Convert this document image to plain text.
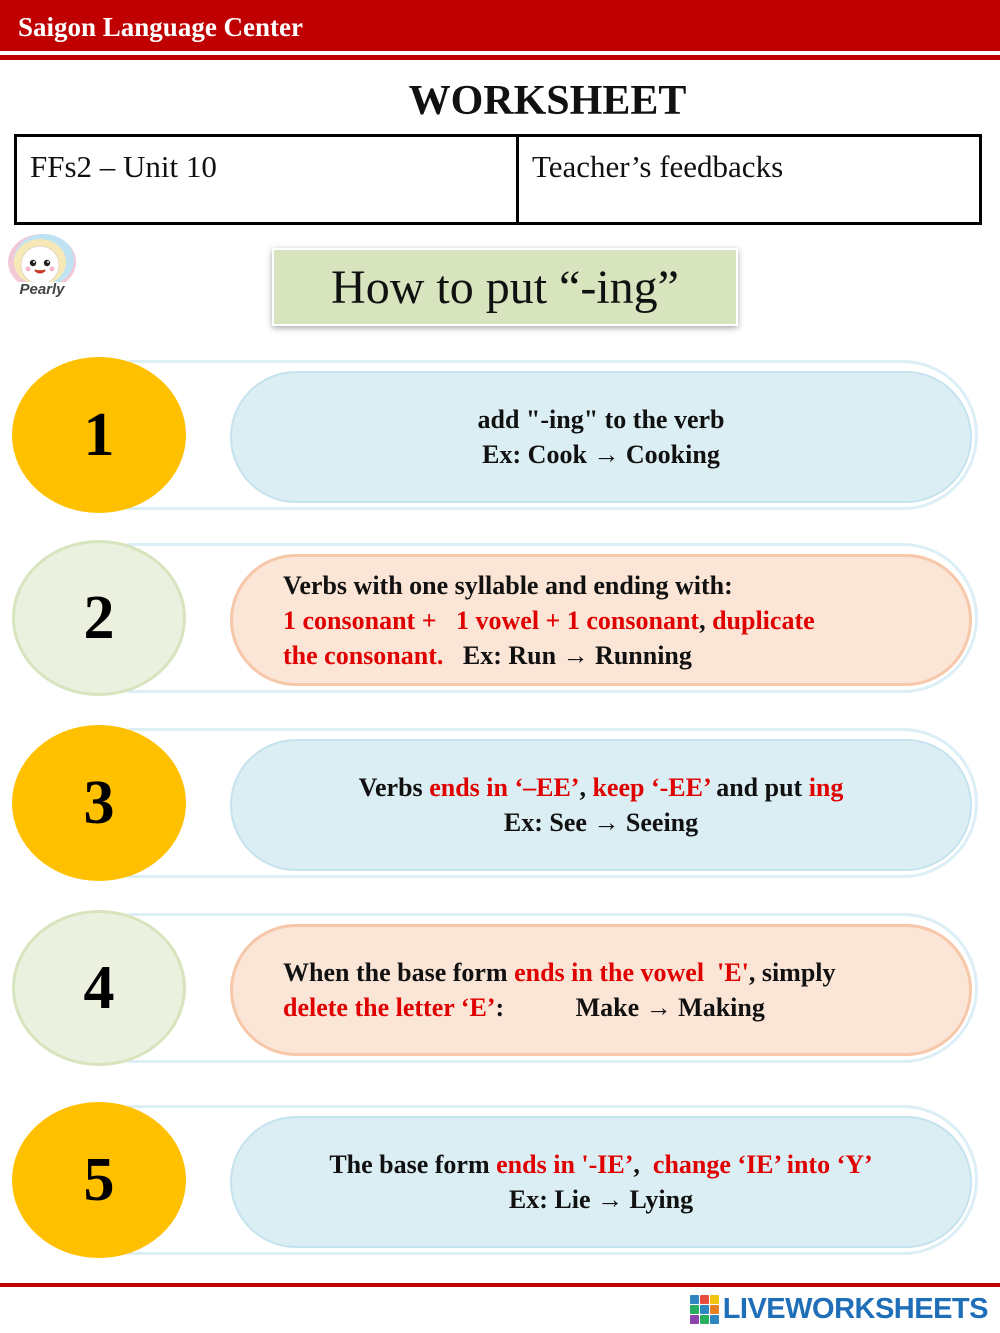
Saigon Language Center
WORKSHEET
FFs2 – Unit 10	Teacher’s feedbacks
Pearly	How to put “-ing”
add "-ing" to the verb
Ex: Cook → Cooking
1
Verbs with one syllable and ending with:
1 consonant +   1 vowel + 1 consonant, duplicate
the consonant.   Ex: Run → Running
2
Verbs ends in ‘–EE’, keep ‘-EE’ and put ing
Ex: See → Seeing
3
When the base form ends in the vowel  'E', simply
delete the letter ‘E’:           Make → Making
4
The base form ends in '-IE’,  change ‘IE’ into ‘Y’
Ex: Lie → Lying
5
LIVEWORKSHEETS
